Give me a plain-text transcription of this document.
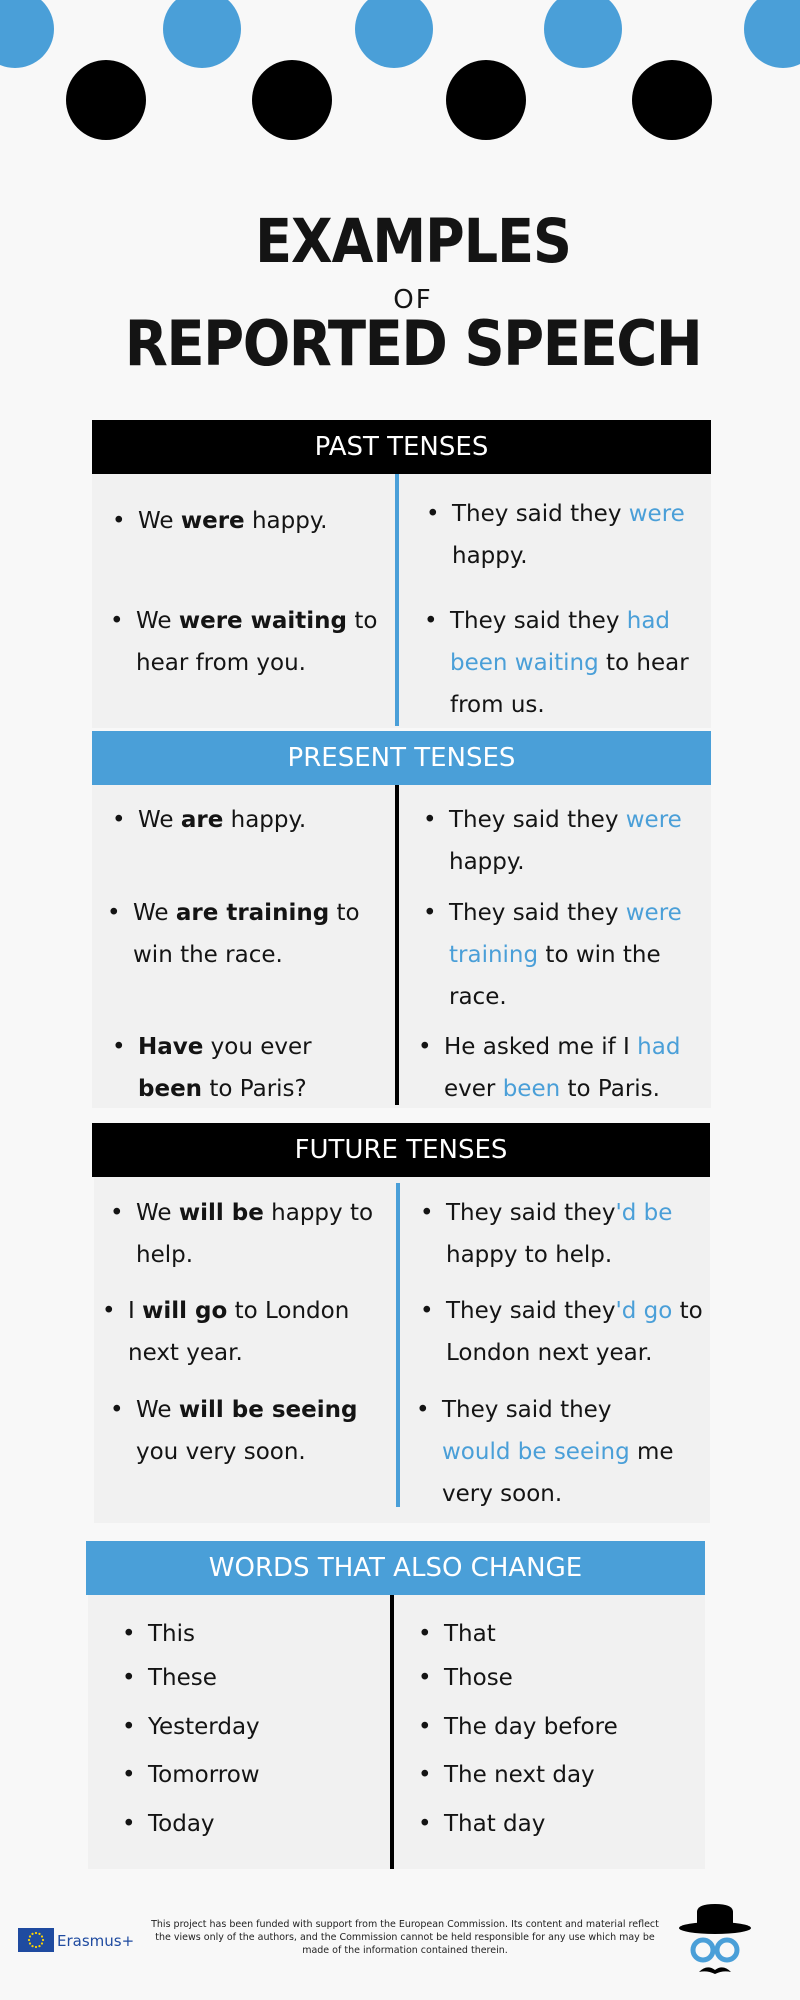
EXAMPLES
OF
REPORTED SPEECH
PAST TENSES
• We were happy.
• We were waiting to hear from you.
• They said they were happy.
• They said they had been waiting to hear from us.
PRESENT TENSES
• We are happy.
• We are training to win the race.
• Have you ever been to Paris?
• They said they were happy.
• They said they were training to win the race.
• He asked me if I had ever been to Paris.
FUTURE TENSES
• We will be happy to help.
• I will go to London next year.
• We will be seeing you very soon.
• They said they'd be happy to help.
• They said they'd go to London next year.
• They said they would be seeing me very soon.
WORDS THAT ALSO CHANGE
• This
• These
• Yesterday
• Tomorrow
• Today
• That
• Those
• The day before
• The next day
• That day
Erasmus+
This project has been funded with support from the European Commission. Its content and material reflect the views only of the authors, and the Commission cannot be held responsible for any use which may be made of the information contained therein.
